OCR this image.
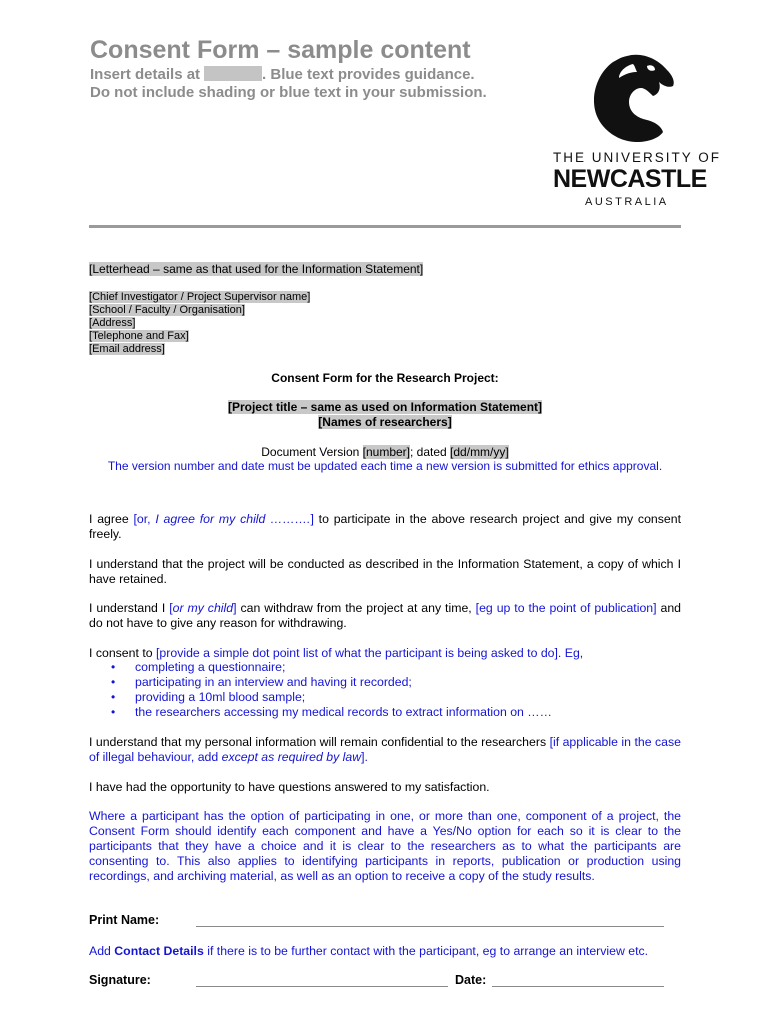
Consent Form – sample content
Insert details at	. Blue text provides guidance.
Do not include shading or blue text in your submission.
THE UNIVERSITY OF
NEWCASTLE
AUSTRALIA
[Letterhead – same as that used for the Information Statement]
[Chief Investigator / Project Supervisor name]
[School / Faculty / Organisation]
[Address]
[Telephone and Fax]
[Email address]
Consent Form for the Research Project:
[Project title – same as used on Information Statement]
[Names of researchers]
Document Version [number]; dated [dd/mm/yy]
The version number and date must be updated each time a new version is submitted for ethics approval.
I agree [or, I agree for my child ……….] to participate in the above research project and give my consent freely.
I understand that the project will be conducted as described in the Information Statement, a copy of which I have retained.
I understand I [or my child] can withdraw from the project at any time, [eg up to the point of publication] and do not have to give any reason for withdrawing.
I consent to [provide a simple dot point list of what the participant is being asked to do]. Eg,
• completing a questionnaire;
• participating in an interview and having it recorded;
• providing a 10ml blood sample;
• the researchers accessing my medical records to extract information on ……
I understand that my personal information will remain confidential to the researchers [if applicable in the case of illegal behaviour, add except as required by law].
I have had the opportunity to have questions answered to my satisfaction.
Where a participant has the option of participating in one, or more than one, component of a project, the Consent Form should identify each component and have a Yes/No option for each so it is clear to the participants that they have a choice and it is clear to the researchers as to what the participants are consenting to. This also applies to identifying participants in reports, publication or production using recordings, and archiving material, as well as an option to receive a copy of the study results.
Print Name:
Add Contact Details if there is to be further contact with the participant, eg to arrange an interview etc.
Signature:	Date:
